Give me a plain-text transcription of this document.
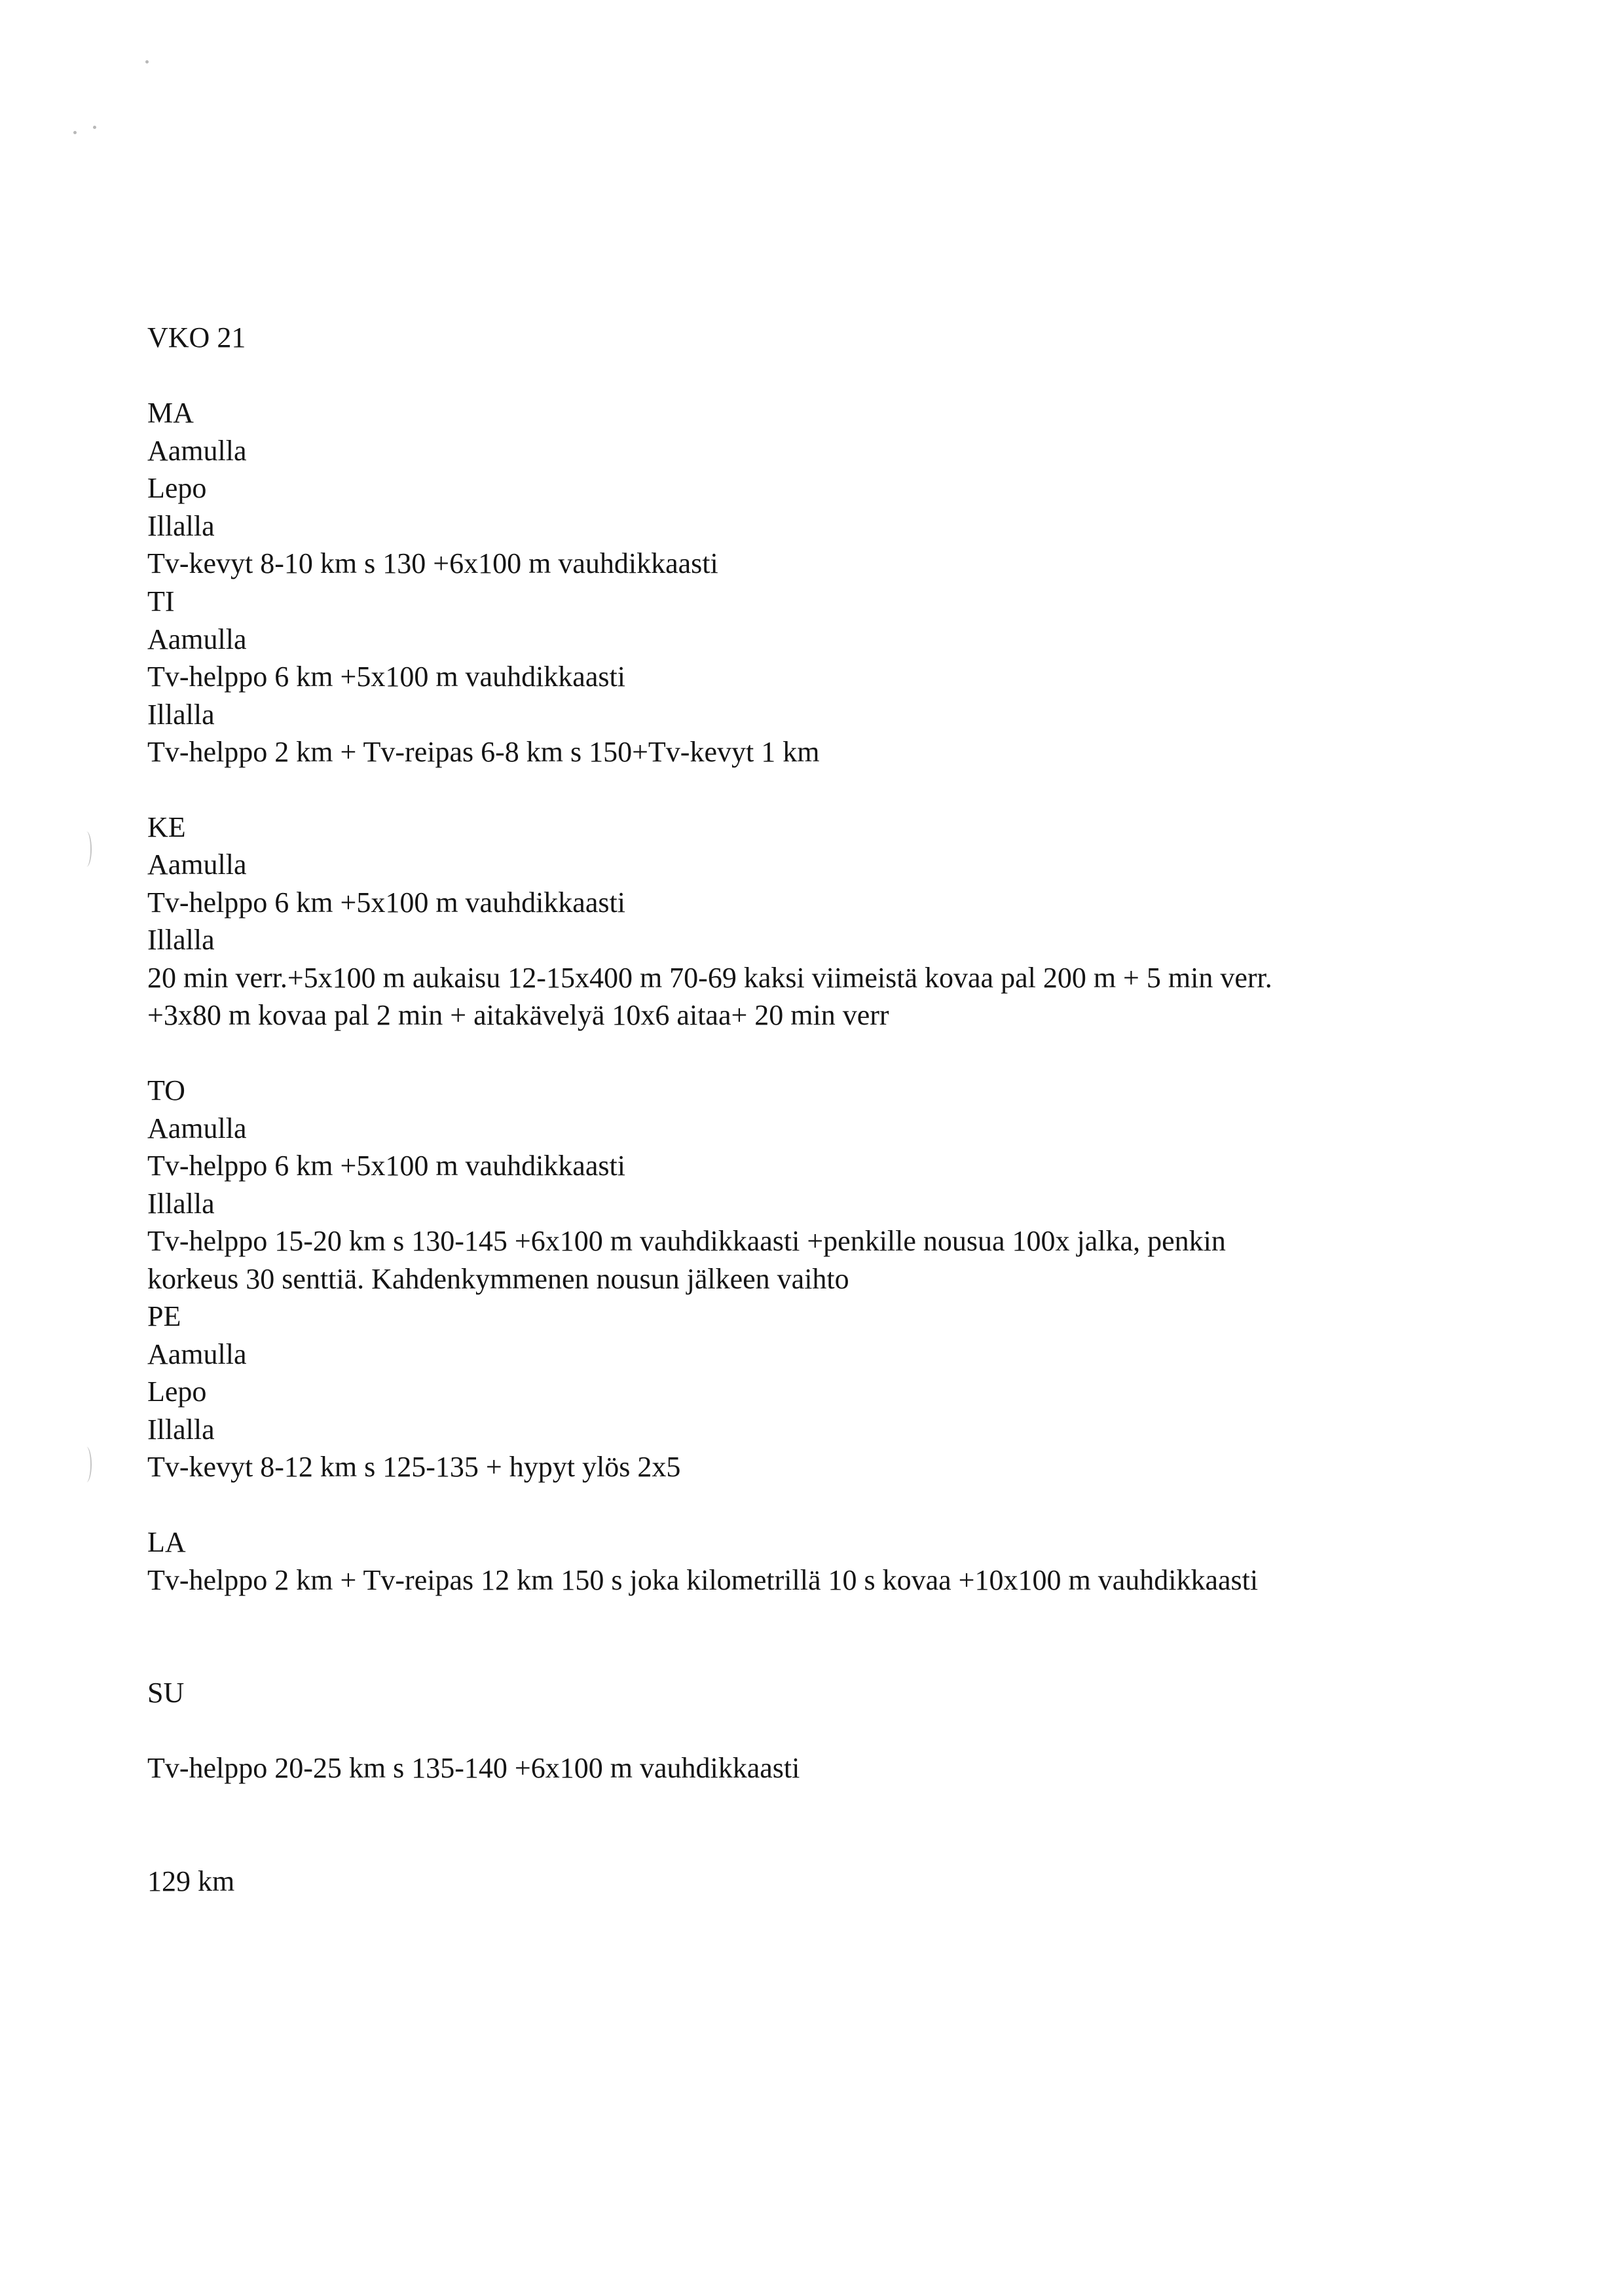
VKO 21
MA
Aamulla
Lepo
Illalla
Tv-kevyt 8-10 km s 130 +6x100 m vauhdikkaasti
TI
Aamulla
Tv-helppo 6 km +5x100 m vauhdikkaasti
Illalla
Tv-helppo 2 km + Tv-reipas 6-8 km s 150+Tv-kevyt 1 km
KE
Aamulla
Tv-helppo 6 km +5x100 m vauhdikkaasti
Illalla
20 min verr.+5x100 m aukaisu 12-15x400 m 70-69 kaksi viimeistä kovaa pal 200 m + 5 min verr.
+3x80 m kovaa pal 2 min + aitakävelyä 10x6 aitaa+ 20 min verr
TO
Aamulla
Tv-helppo 6 km +5x100 m vauhdikkaasti
Illalla
Tv-helppo 15-20 km s 130-145 +6x100 m vauhdikkaasti +penkille nousua 100x jalka, penkin
korkeus 30 senttiä. Kahdenkymmenen nousun jälkeen vaihto
PE
Aamulla
Lepo
Illalla
Tv-kevyt 8-12 km s 125-135 + hypyt ylös 2x5
LA
Tv-helppo 2 km + Tv-reipas 12 km 150 s joka kilometrillä 10 s kovaa +10x100 m vauhdikkaasti
SU
Tv-helppo 20-25 km s 135-140 +6x100 m vauhdikkaasti
129 km
